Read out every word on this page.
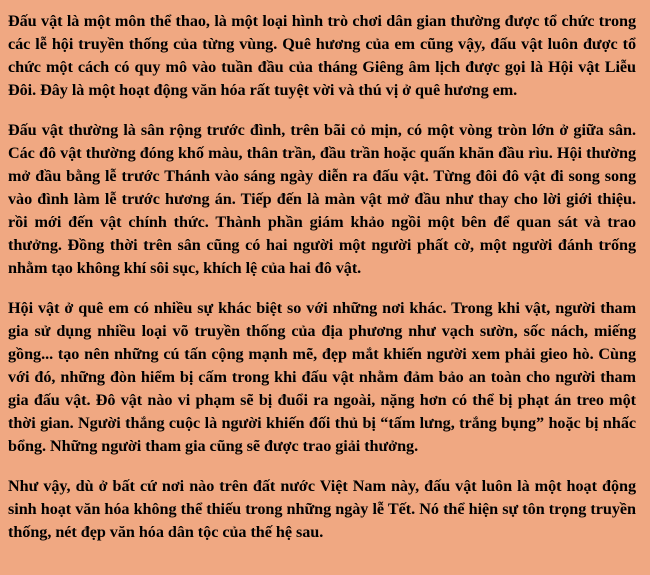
Đấu vật là một môn thể thao, là một loại hình trò chơi dân gian thường được tổ chức trong các lễ hội truyền thống của từng vùng. Quê hương của em cũng vậy, đấu vật luôn được tổ chức một cách có quy mô vào tuần đầu của tháng Giêng âm lịch được gọi là Hội vật Liễu Đôi. Đây là một hoạt động văn hóa rất tuyệt vời và thú vị ở quê hương em.

Đấu vật thường là sân rộng trước đình, trên bãi cỏ mịn, có một vòng tròn lớn ở giữa sân. Các đô vật thường đóng khố màu, thân trần, đầu trần hoặc quấn khăn đầu rìu. Hội thường mở đầu bằng lễ trước Thánh vào sáng ngày diễn ra đấu vật. Từng đôi đô vật đi song song vào đình làm lễ trước hương án. Tiếp đến là màn vật mở đầu như thay cho lời giới thiệu. rồi mới đến vật chính thức. Thành phần giám khảo ngồi một bên để quan sát và trao thưởng. Đồng thời trên sân cũng có hai người một người phất cờ, một người đánh trống nhằm tạo không khí sôi sục, khích lệ của hai đô vật.

Hội vật ở quê em có nhiều sự khác biệt so với những nơi khác. Trong khi vật, người tham gia sử dụng nhiều loại võ truyền thống của địa phương như vạch sườn, sốc nách, miếng gồng... tạo nên những cú tấn cộng mạnh mẽ, đẹp mắt khiến người xem phải gieo hò. Cùng với đó, những đòn hiểm bị cấm trong khi đấu vật nhằm đảm bảo an toàn cho người tham gia đấu vật. Đô vật nào vi phạm sẽ bị đuổi ra ngoài, nặng hơn có thể bị phạt án treo một thời gian. Người thắng cuộc là người khiến đối thủ bị “tấm lưng, trắng bụng” hoặc bị nhấc bổng. Những người tham gia cũng sẽ được trao giải thưởng.

Như vậy, dù ở bất cứ nơi nào trên đất nước Việt Nam này, đấu vật luôn là một hoạt động sinh hoạt văn hóa không thể thiếu trong những ngày lễ Tết. Nó thể hiện sự tôn trọng truyền thống, nét đẹp văn hóa dân tộc của thế hệ sau.
